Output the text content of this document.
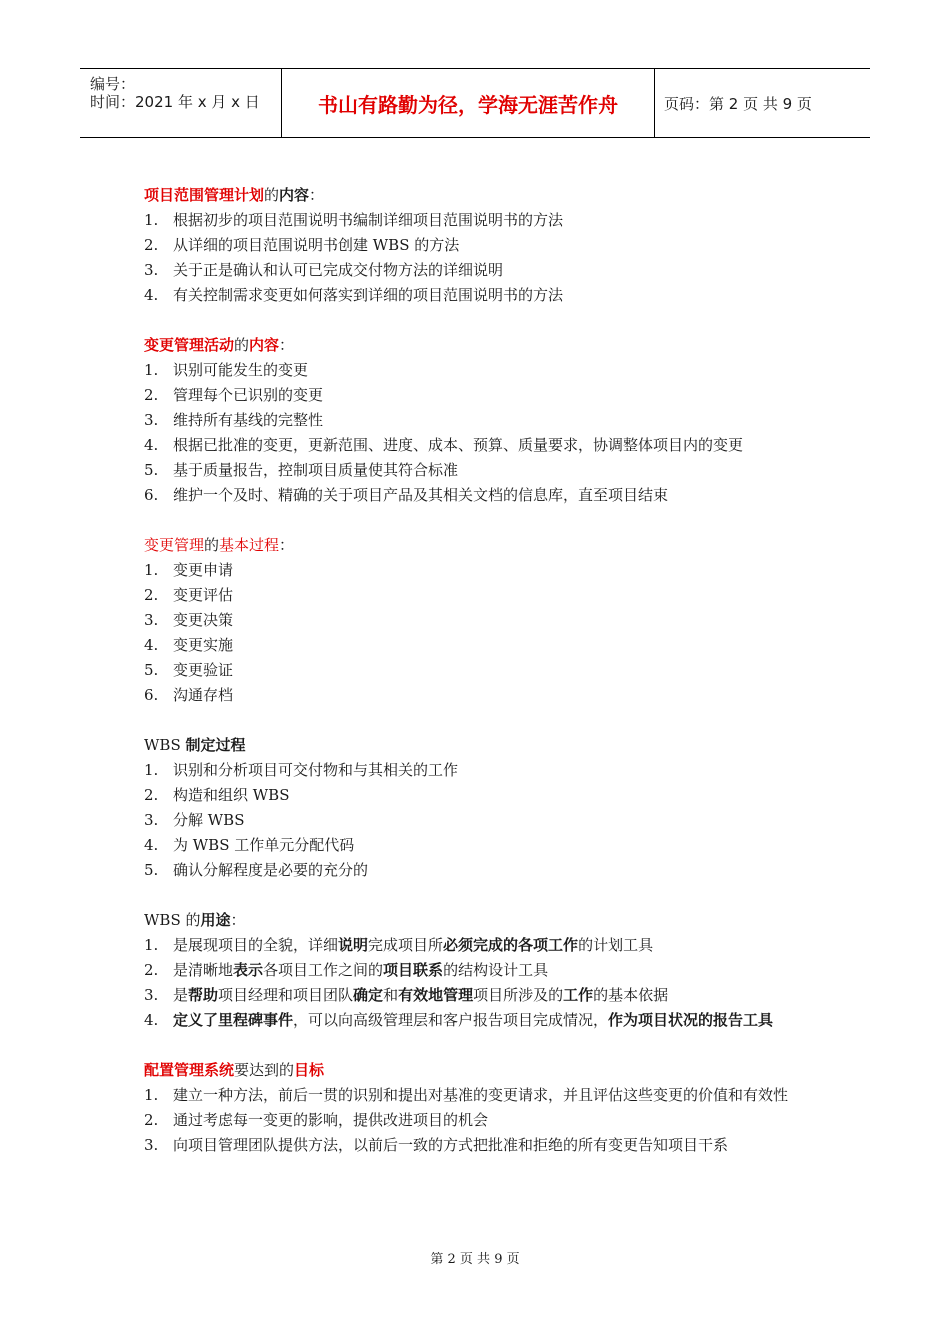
编号：
时间：2021 年 x 月 x 日	书山有路勤为径，学海无涯苦作舟	页码：第 2 页 共 9 页
项目范围管理计划的内容：
1. 根据初步的项目范围说明书编制详细项目范围说明书的方法
2. 从详细的项目范围说明书创建 WBS 的方法
3. 关于正是确认和认可已完成交付物方法的详细说明
4. 有关控制需求变更如何落实到详细的项目范围说明书的方法
变更管理活动的内容：
1. 识别可能发生的变更
2. 管理每个已识别的变更
3. 维持所有基线的完整性
4. 根据已批准的变更，更新范围、进度、成本、预算、质量要求，协调整体项目内的变更
5. 基于质量报告，控制项目质量使其符合标准
6. 维护一个及时、精确的关于项目产品及其相关文档的信息库，直至项目结束
变更管理的基本过程：
1. 变更申请
2. 变更评估
3. 变更决策
4. 变更实施
5. 变更验证
6. 沟通存档
WBS 制定过程
1. 识别和分析项目可交付物和与其相关的工作
2. 构造和组织 WBS
3. 分解 WBS
4. 为 WBS 工作单元分配代码
5. 确认分解程度是必要的充分的
WBS 的用途：
1. 是展现项目的全貌，详细说明完成项目所必须完成的各项工作的计划工具
2. 是清晰地表示各项目工作之间的项目联系的结构设计工具
3. 是帮助项目经理和项目团队确定和有效地管理项目所涉及的工作的基本依据
4. 定义了里程碑事件，可以向高级管理层和客户报告项目完成情况，作为项目状况的报告工具
配置管理系统要达到的目标
1. 建立一种方法，前后一贯的识别和提出对基准的变更请求，并且评估这些变更的价值和有效性
2. 通过考虑每一变更的影响，提供改进项目的机会
3. 向项目管理团队提供方法，以前后一致的方式把批准和拒绝的所有变更告知项目干系
第 2 页 共 9 页
